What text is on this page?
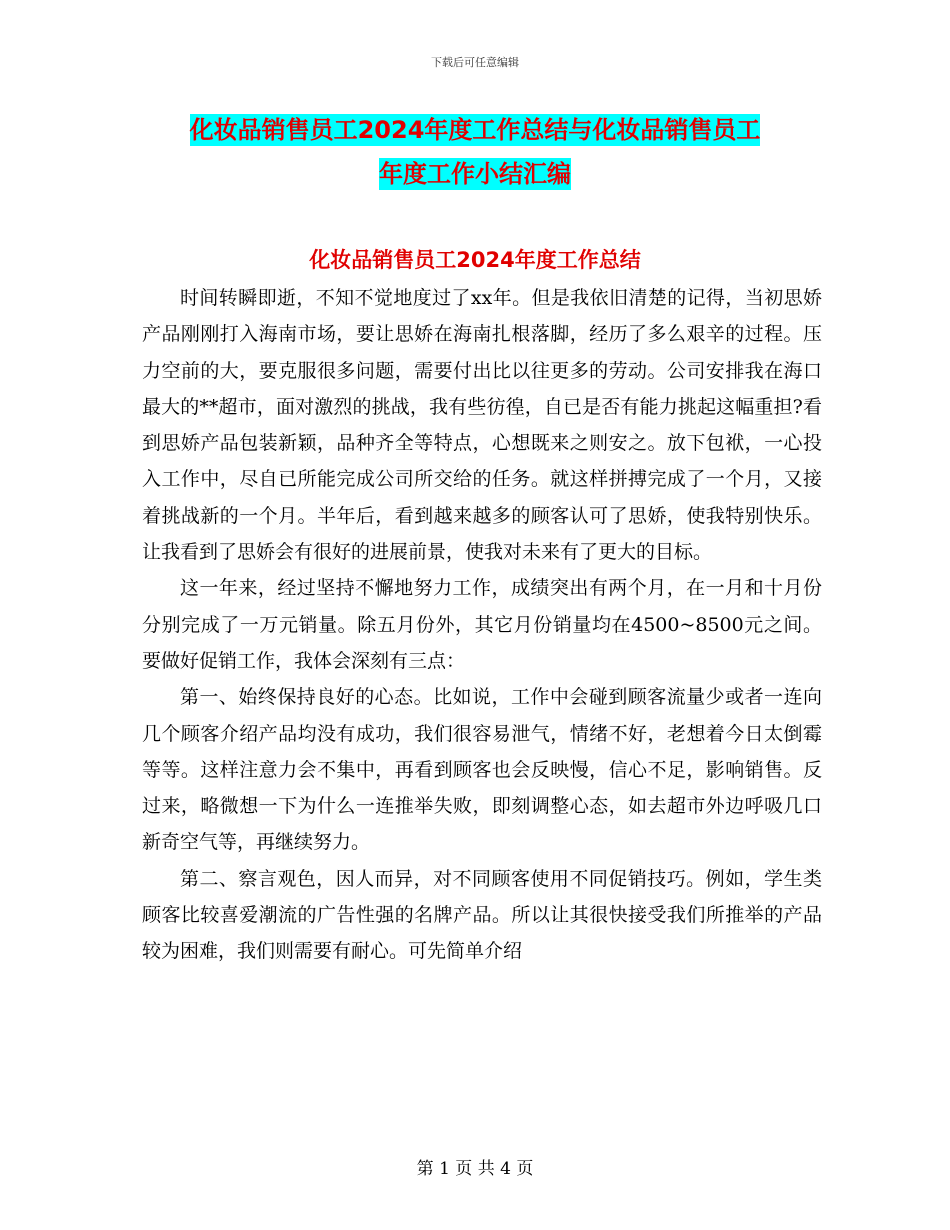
下载后可任意编辑
化妆品销售员工2024年度工作总结与化妆品销售员工
年度工作小结汇编
化妆品销售员工2024年度工作总结

时间转瞬即逝，不知不觉地度过了xx年。但是我依旧清楚的记得，当初思娇产品刚刚打入海南市场，要让思娇在海南扎根落脚，经历了多么艰辛的过程。压力空前的大，要克服很多问题，需要付出比以往更多的劳动。公司安排我在海口最大的**超市，面对激烈的挑战，我有些彷徨，自已是否有能力挑起这幅重担?看到思娇产品包装新颖，品种齐全等特点，心想既来之则安之。放下包袱，一心投入工作中，尽自已所能完成公司所交给的任务。就这样拼搏完成了一个月，又接着挑战新的一个月。半年后，看到越来越多的顾客认可了思娇，使我特别快乐。让我看到了思娇会有很好的进展前景，使我对未来有了更大的目标。

这一年来，经过坚持不懈地努力工作，成绩突出有两个月，在一月和十月份分别完成了一万元销量。除五月份外，其它月份销量均在4500~8500元之间。 要做好促销工作，我体会深刻有三点：

第一、始终保持良好的心态。比如说，工作中会碰到顾客流量少或者一连向几个顾客介绍产品均没有成功，我们很容易泄气，情绪不好，老想着今日太倒霉等等。这样注意力会不集中，再看到顾客也会反映慢，信心不足，影响销售。反过来，略微想一下为什么一连推举失败，即刻调整心态，如去超市外边呼吸几口新奇空气等，再继续努力。

第二、察言观色，因人而异，对不同顾客使用不同促销技巧。例如，学生类顾客比较喜爱潮流的广告性强的名牌产品。所以让其很快接受我们所推举的产品较为困难，我们则需要有耐心。可先简单介绍

第 1 页 共 4 页
